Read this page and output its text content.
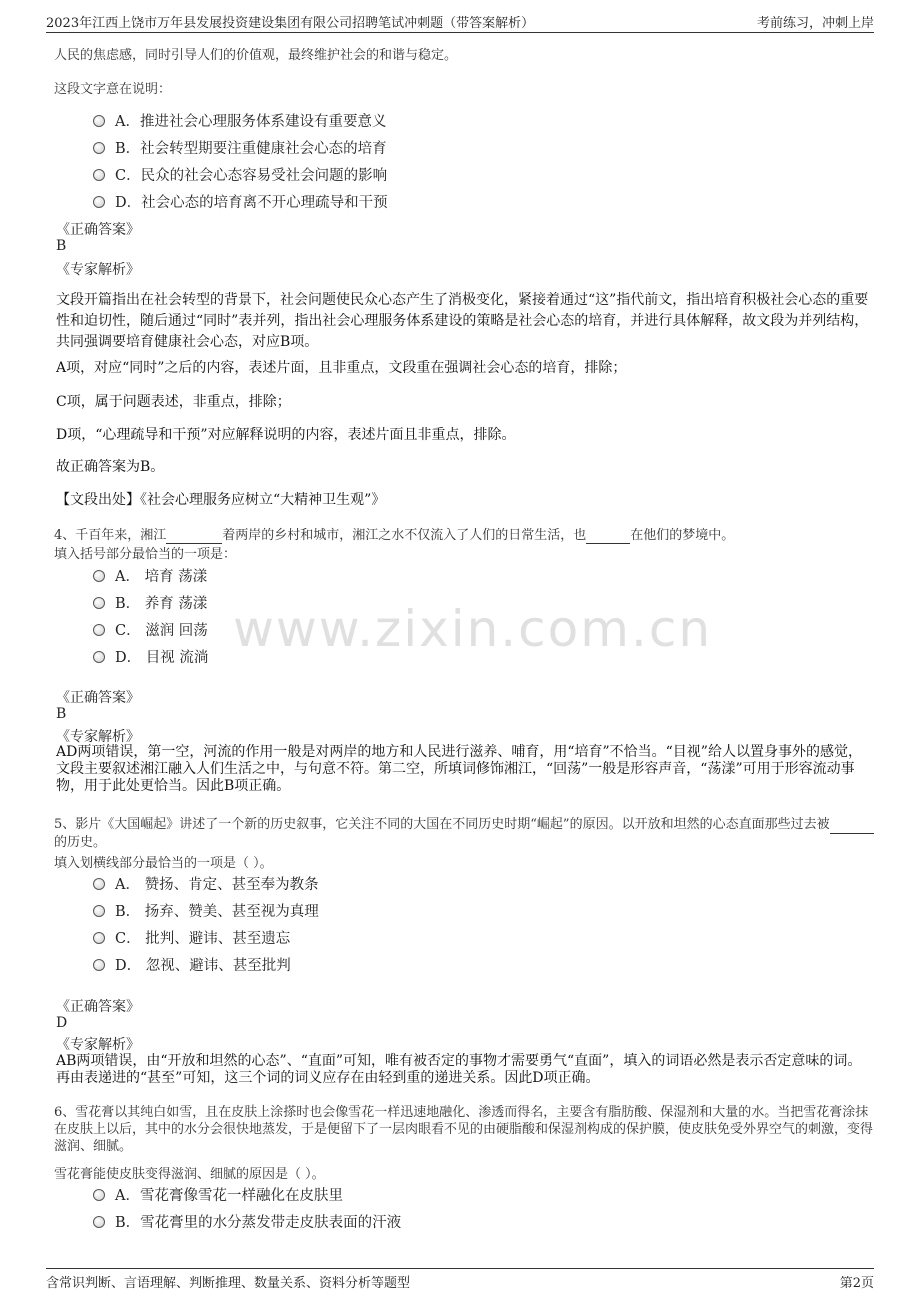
2023年江西上饶市万年县发展投资建设集团有限公司招聘笔试冲刺题（带答案解析）	考前练习，冲刺上岸
www.zixin.com.cn
人民的焦虑感，同时引导人们的价值观，最终维护社会的和谐与稳定。
这段文字意在说明：
A．推进社会心理服务体系建设有重要意义
B．社会转型期要注重健康社会心态的培育
C．民众的社会心态容易受社会问题的影响
D．社会心态的培育离不开心理疏导和干预
《正确答案》
B
《专家解析》
文段开篇指出在社会转型的背景下，社会问题使民众心态产生了消极变化，紧接着通过“这”指代前文，指出培育积极社会心态的重要性和迫切性，随后通过“同时”表并列，指出社会心理服务体系建设的策略是社会心态的培育，并进行具体解释，故文段为并列结构，共同强调要培育健康社会心态，对应B项。
A项，对应“同时”之后的内容，表述片面，且非重点，文段重在强调社会心态的培育，排除；
C项，属于问题表述，非重点，排除；
D项，“心理疏导和干预”对应解释说明的内容，表述片面且非重点，排除。
故正确答案为B。
【文段出处】《社会心理服务应树立“大精神卫生观”》
4、千百年来，湘江	着两岸的乡村和城市，湘江之水不仅流入了人们的日常生活，也	在他们的梦境中。
填入括号部分最恰当的一项是：
A． 培育 荡漾
B． 养育 荡漾
C． 滋润 回荡
D． 目视 流淌
《正确答案》
B
《专家解析》
AD两项错误，第一空，河流的作用一般是对两岸的地方和人民进行滋养、哺育，用“培育”不恰当。“目视”给人以置身事外的感觉，文段主要叙述湘江融入人们生活之中，与句意不符。第二空，所填词修饰湘江，“回荡”一般是形容声音，“荡漾”可用于形容流动事物，用于此处更恰当。因此B项正确。
5、影片《大国崛起》讲述了一个新的历史叙事，它关注不同的大国在不同历史时期“崛起”的原因。以开放和坦然的心态直面那些过去被 的历史。
填入划横线部分最恰当的一项是（ ）。
A． 赞扬、肯定、甚至奉为教条
B． 扬弃、赞美、甚至视为真理
C． 批判、避讳、甚至遗忘
D． 忽视、避讳、甚至批判
《正确答案》
D
《专家解析》
AB两项错误，由“开放和坦然的心态”、“直面”可知，唯有被否定的事物才需要勇气“直面”，填入的词语必然是表示否定意味的词。再由表递进的“甚至”可知，这三个词的词义应存在由轻到重的递进关系。因此D项正确。
6、雪花膏以其纯白如雪，且在皮肤上涂搽时也会像雪花一样迅速地融化、渗透而得名，主要含有脂肪酸、保湿剂和大量的水。当把雪花膏涂抹在皮肤上以后，其中的水分会很快地蒸发，于是便留下了一层肉眼看不见的由硬脂酸和保湿剂构成的保护膜，使皮肤免受外界空气的刺激，变得滋润、细腻。
雪花膏能使皮肤变得滋润、细腻的原因是（ ）。
A．雪花膏像雪花一样融化在皮肤里
B．雪花膏里的水分蒸发带走皮肤表面的汗液
含常识判断、言语理解、判断推理、数量关系、资料分析等题型	第2页
